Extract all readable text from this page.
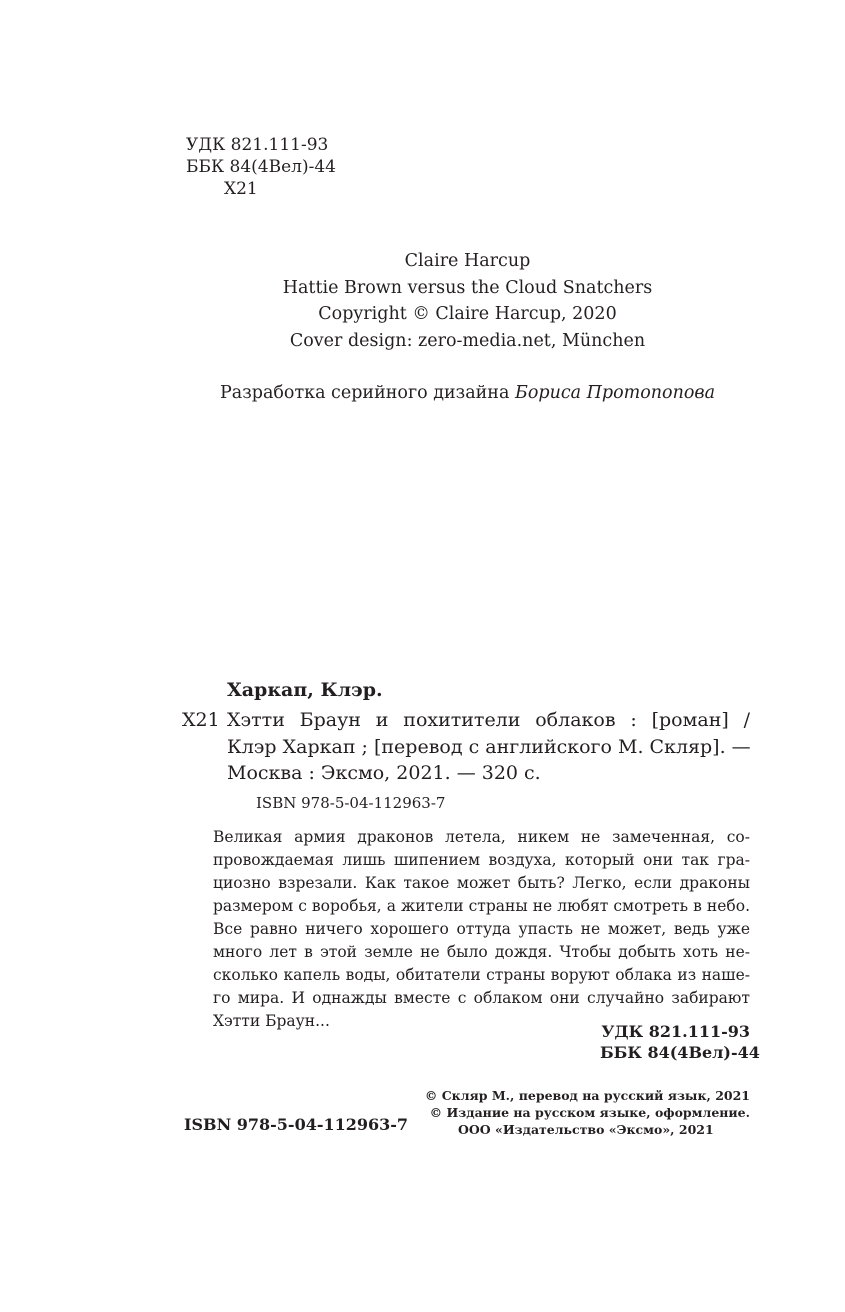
УДК 821.111-93
ББК 84(4Вел)-44
Х21
Claire Harcup
Hattie Brown versus the Cloud Snatchers
Copyright © Claire Harcup, 2020
Cover design: zero-media.net, München
Разработка серийного дизайна Бориса Протопопова
Харкап, Клэр.
Х21 Хэтти Браун и похитители облаков : [роман] /
Клэр Харкап ; [перевод с английского М. Скляр]. —
Москва : Эксмо, 2021. — 320 с.
ISBN 978-5-04-112963-7
Великая армия драконов летела, никем не замеченная, со-
провождаемая лишь шипением воздуха, который они так гра-
циозно взрезали. Как такое может быть? Легко, если драконы
размером с воробья, а жители страны не любят смотреть в небо.
Все равно ничего хорошего оттуда упасть не может, ведь уже
много лет в этой земле не было дождя. Чтобы добыть хоть не-
сколько капель воды, обитатели страны воруют облака из наше-
го мира. И однажды вместе с облаком они случайно забирают
Хэтти Браун...
УДК 821.111-93
ББК 84(4Вел)-44
ISBN 978-5-04-112963-7
© Скляр М., перевод на русский язык, 2021
© Издание на русском языке, оформление.
ООО «Издательство «Эксмо», 2021
